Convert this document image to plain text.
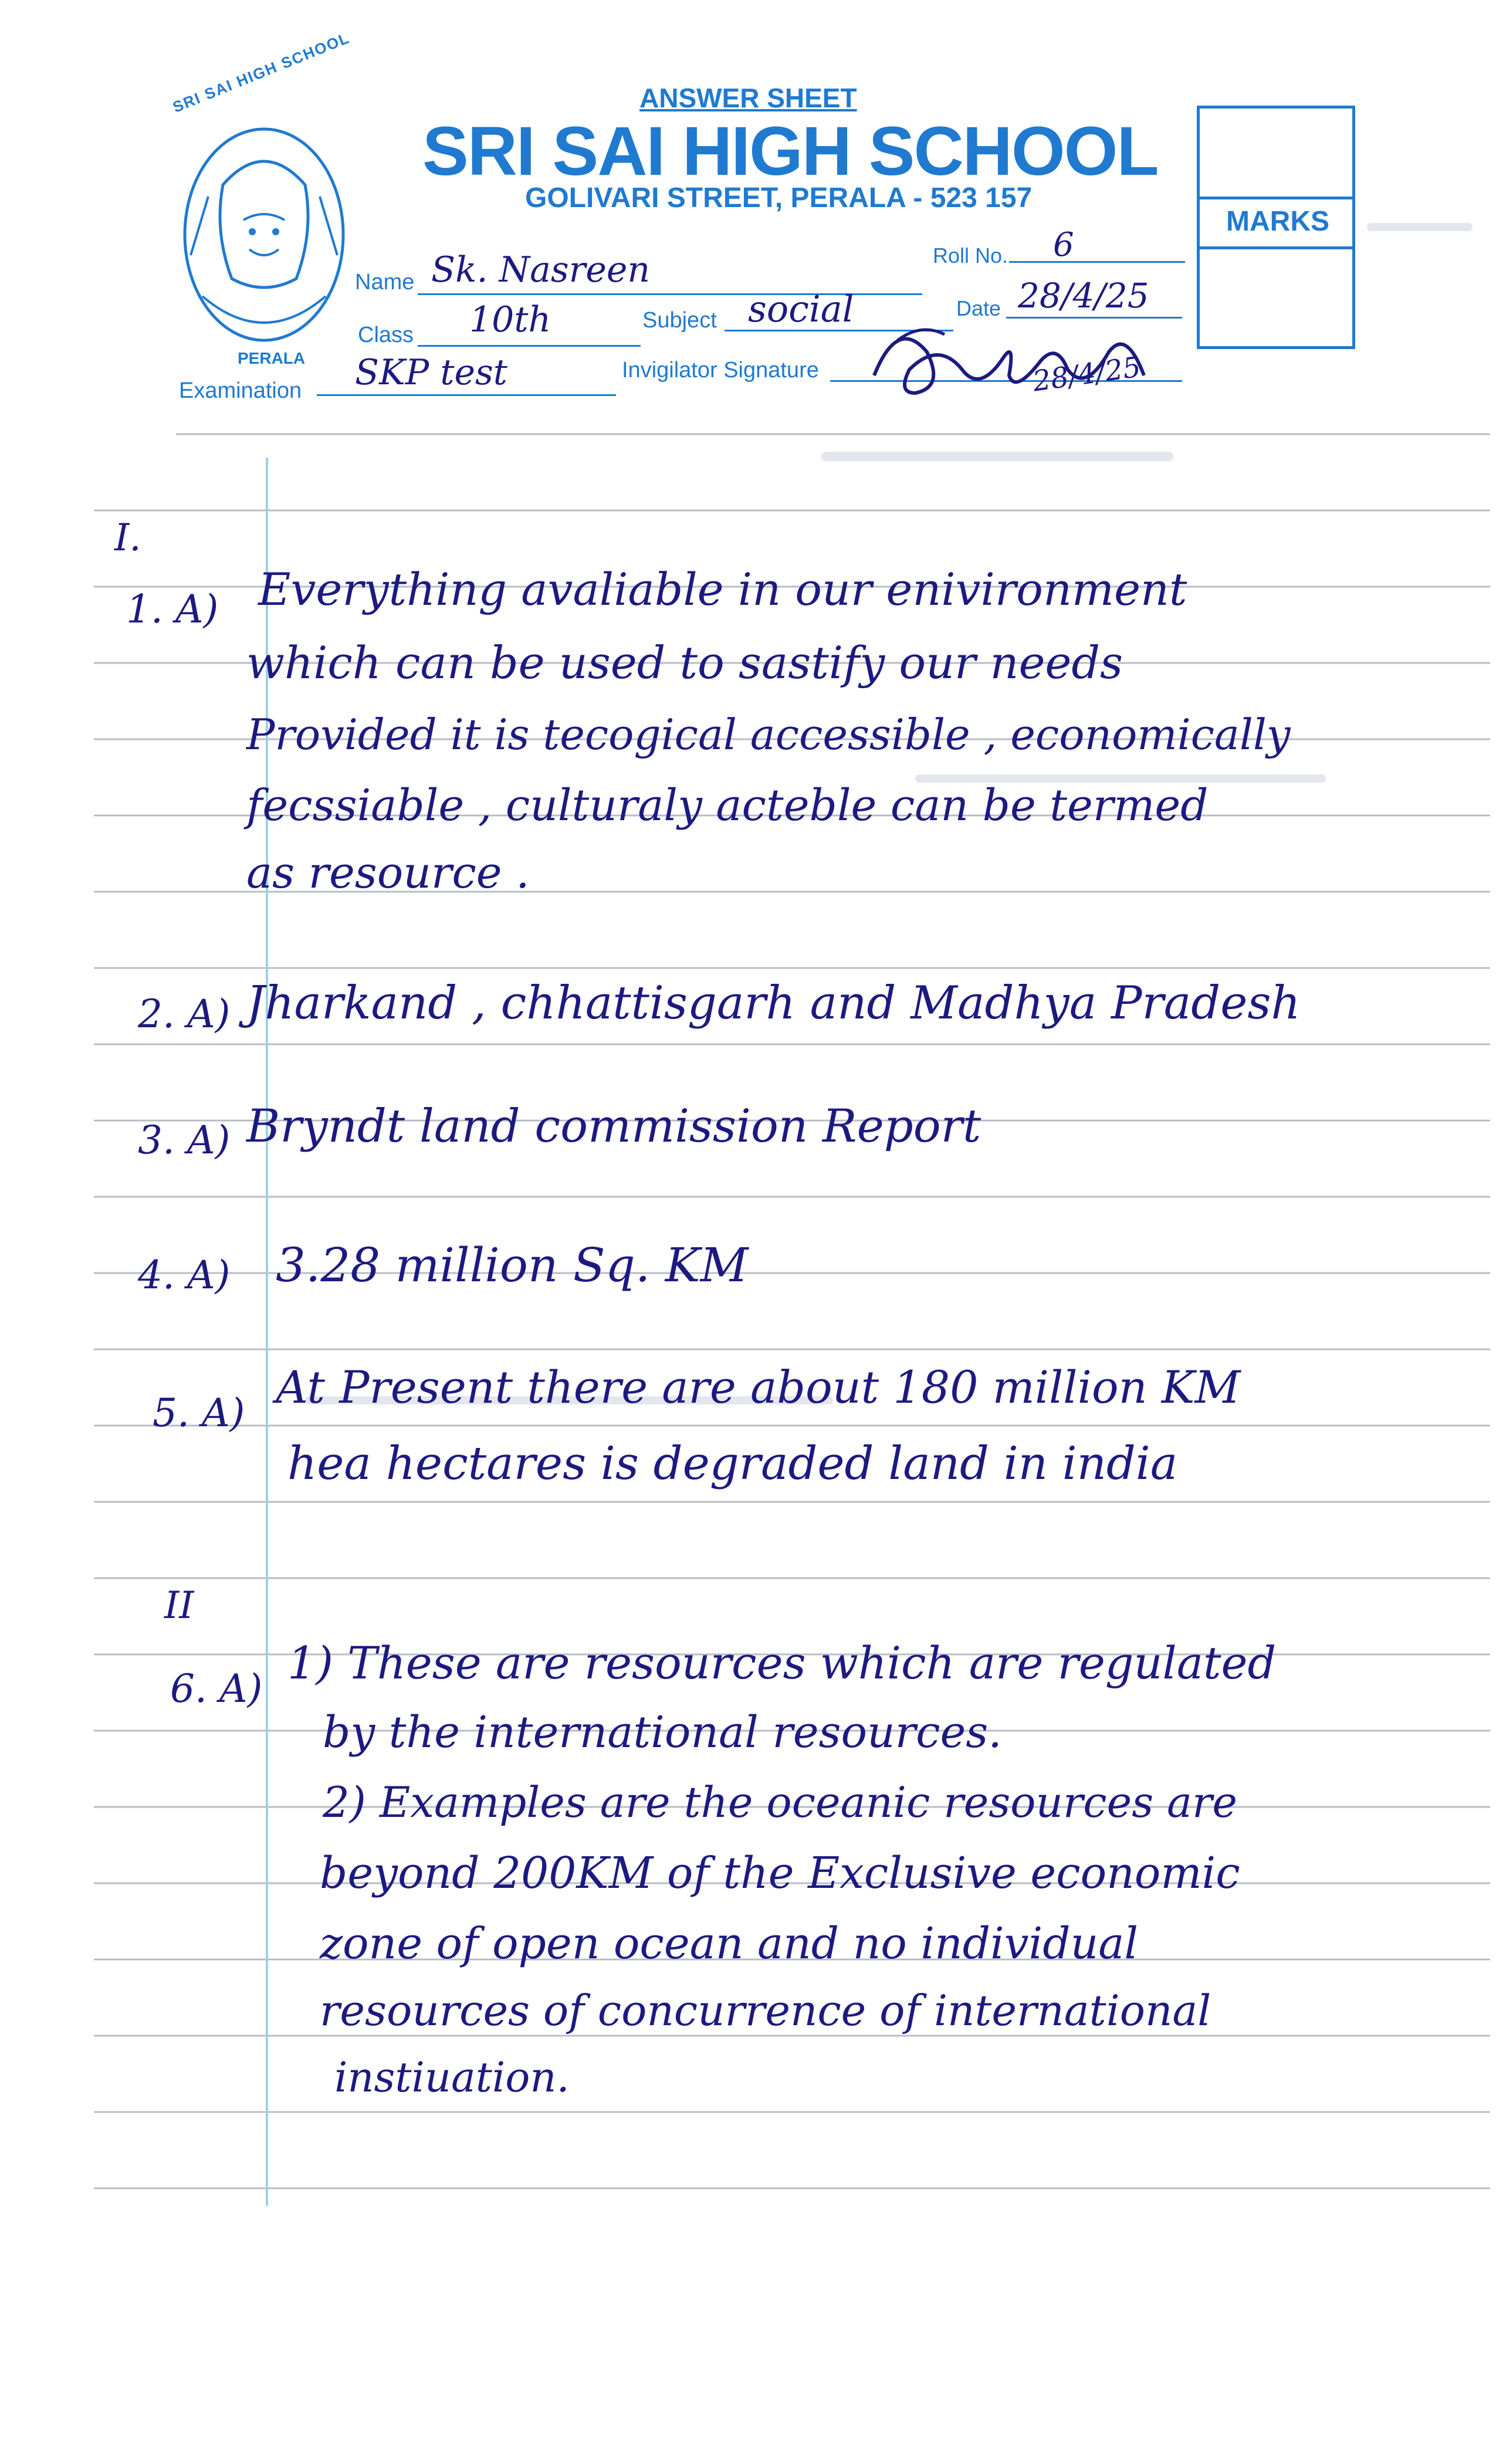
SRI SAI HIGH SCHOOL
PERALA
ANSWER SHEET
SRI SAI HIGH SCHOOL
GOLIVARI STREET, PERALA - 523 157
MARKS
Name Sk. Nasreen	Roll No. 6
Class 10th	Subject social	Date 28/4/25
Examination SKP test	Invigilator Signature	28/4/25
I.
1. A) Everything avaliable in our enivironment
which can be used to sastify our needs
Provided it is tecogical accessible , economically
fecssiable , culturaly acteble can be termed
as resource .
2. A) Jharkand , chhattisgarh and Madhya Pradesh
3. A) Bryndt land commission Report
4. A) 3.28 million Sq. KM
5. A) At Present there are about 180 million KM
hea hectares is degraded land in india
II
6. A) 1) These are resources which are regulated
by the international resources.
2) Examples are the oceanic resources are
beyond 200KM of the Exclusive economic
zone of open ocean and no individual
resources of concurrence of international
instiuation.
